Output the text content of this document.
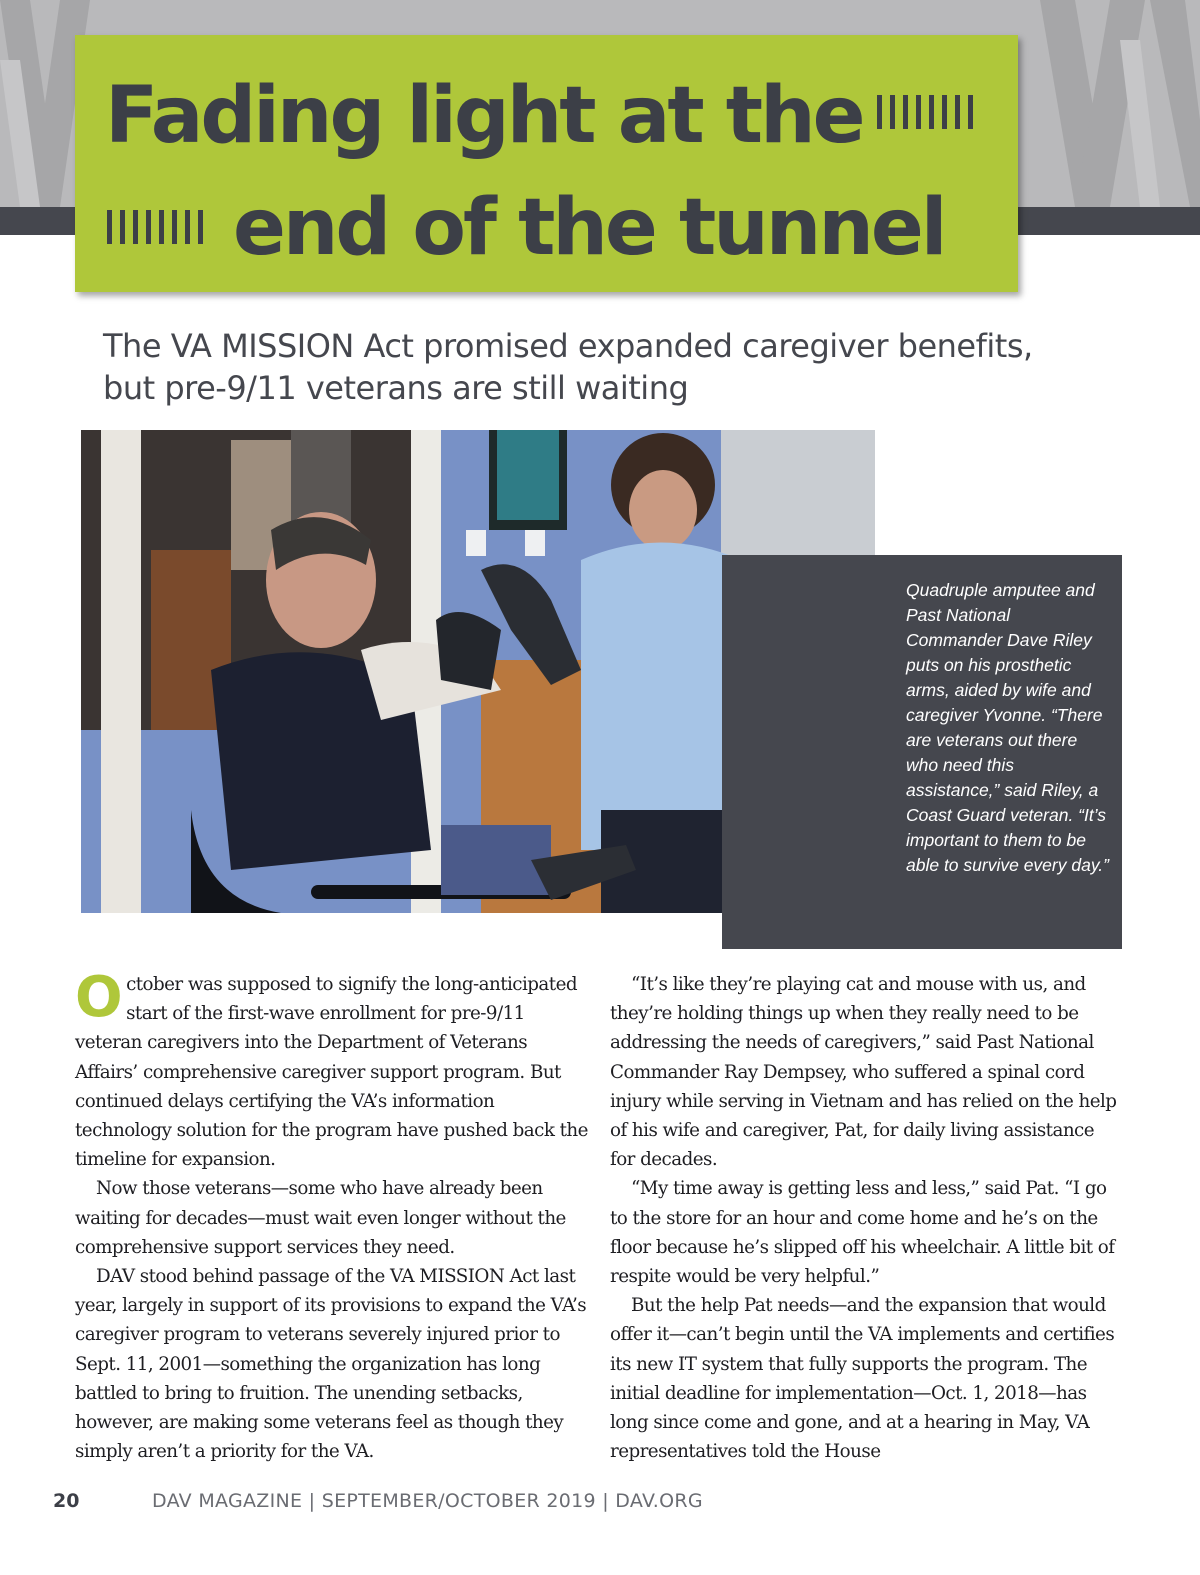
Fading light at the
end of the tunnel
The VA MISSION Act promised expanded caregiver benefits,
but pre-9/11 veterans are still waiting
Quadruple amputee and Past National Commander Dave Riley puts on his prosthetic arms, aided by wife and caregiver Yvonne. “There are veterans out there who need this assistance,” said Riley, a Coast Guard veteran. “It’s important to them to be able to survive every day.”

October was supposed to signify the long-anticipated start of the first-wave enrollment for pre-9/11 veteran caregivers into the Department of Veterans Affairs’ comprehensive caregiver support program. But continued delays certifying the VA’s information technology solution for the program have pushed back the timeline for expansion.

Now those veterans—some who have already been waiting for decades—must wait even longer without the comprehensive support services they need.

DAV stood behind passage of the VA MISSION Act last year, largely in support of its provisions to expand the VA’s caregiver program to veterans severely injured prior to Sept. 11, 2001—something the organization has long battled to bring to fruition. The unending setbacks, however, are making some veterans feel as though they simply aren’t a priority for the VA.

“It’s like they’re playing cat and mouse with us, and they’re holding things up when they really need to be addressing the needs of caregivers,” said Past National Commander Ray Dempsey, who suffered a spinal cord injury while serving in Vietnam and has relied on the help of his wife and caregiver, Pat, for daily living assistance for decades.

“My time away is getting less and less,” said Pat. “I go to the store for an hour and come home and he’s on the floor because he’s slipped off his wheelchair. A little bit of respite would be very helpful.”

But the help Pat needs—and the expansion that would offer it—can’t begin until the VA implements and certifies its new IT system that fully supports the program. The initial deadline for implementation—Oct. 1, 2018—has long since come and gone, and at a hearing in May, VA representatives told the House

20	DAV MAGAZINE | SEPTEMBER/OCTOBER 2019 | DAV.ORG
